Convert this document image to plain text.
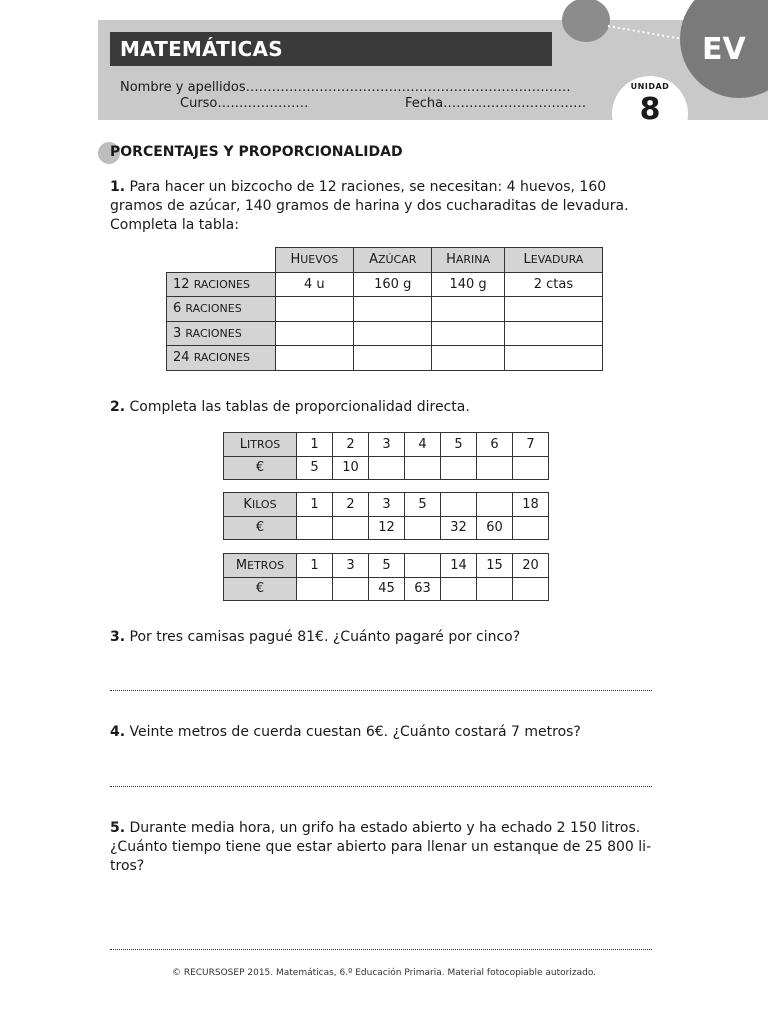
MATEMÁTICAS
Nombre y apellidos…………………………………………………………………
Curso…………………	Fecha……………………………
EV
UNIDAD
8
PORCENTAJES Y PROPORCIONALIDAD
1. Para hacer un bizcocho de 12 raciones, se necesitan: 4 huevos, 160 gramos de azúcar, 140 gramos de harina y dos cucharaditas de levadura. Completa la tabla:
	HUEVOS	AZÚCAR	HARINA	LEVADURA
12 RACIONES	4 u	160 g	140 g	2 ctas
6 RACIONES				
3 RACIONES				
24 RACIONES				
2. Completa las tablas de proporcionalidad directa.
LITROS	1	2	3	4	5	6	7
€	5	10					
KILOS	1	2	3	5			18
€			12		32	60	
METROS	1	3	5		14	15	20
€			45	63			
3. Por tres camisas pagué 81€. ¿Cuánto pagaré por cinco?
4. Veinte metros de cuerda cuestan 6€. ¿Cuánto costará 7 metros?
5. Durante media hora, un grifo ha estado abierto y ha echado 2 150 litros. ¿Cuánto tiempo tiene que estar abierto para llenar un estanque de 25 800 li-tros?
© RECURSOSEP 2015. Matemáticas, 6.º Educación Primaria. Material fotocopiable autorizado.
